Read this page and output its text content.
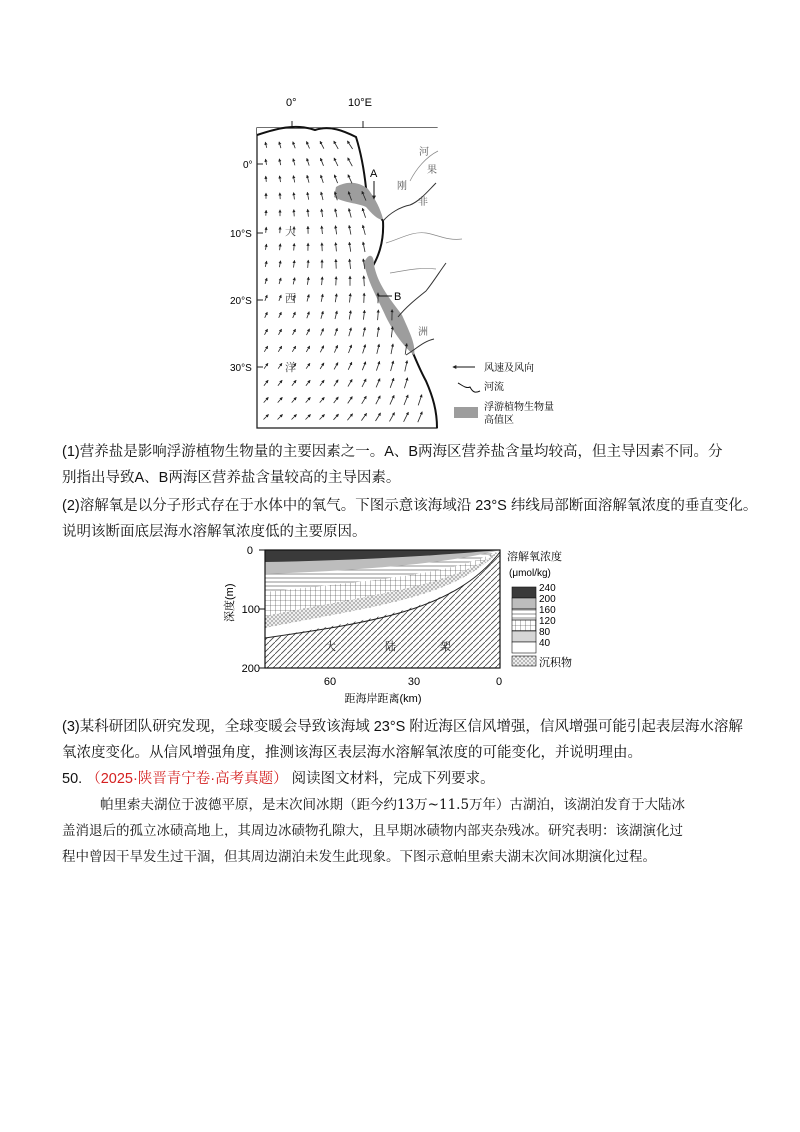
A
B
0°	10°E
0°
10°S
20°S
30°S
大
西
洋
刚
果
河
非
洲
风速及风向
河流
浮游植物生物量
高值区
(1)营养盐是影响浮游植物生物量的主要因素之一。A、B两海区营养盐含量均较高，但主导因素不同。分
别指出导致A、B两海区营养盐含量较高的主导因素。
(2)溶解氧是以分子形式存在于水体中的氧气。下图示意该海域沿 23°S 纬线局部断面溶解氧浓度的垂直变化。
说明该断面底层海水溶解氧浓度低的主要原因。
0
100
200
深度(m)
60	30	0
距海岸距离(km)
大	陆	架
溶解氧浓度
(μmol/kg)
240
200
160
120
80
40
沉积物
(3)某科研团队研究发现，全球变暖会导致该海域 23°S 附近海区信风增强，信风增强可能引起表层海水溶解
氧浓度变化。从信风增强角度，推测该海区表层海水溶解氧浓度的可能变化，并说明理由。
50. （2025·陕晋青宁卷·高考真题） 阅读图文材料，完成下列要求。
帕里索夫湖位于波德平原，是末次间冰期（距今约13万~11.5万年）古湖泊，该湖泊发育于大陆冰
盖消退后的孤立冰碛高地上，其周边冰碛物孔隙大，且早期冰碛物内部夹杂残冰。研究表明：该湖演化过
程中曾因干旱发生过干涸，但其周边湖泊未发生此现象。下图示意帕里索夫湖末次间冰期演化过程。
